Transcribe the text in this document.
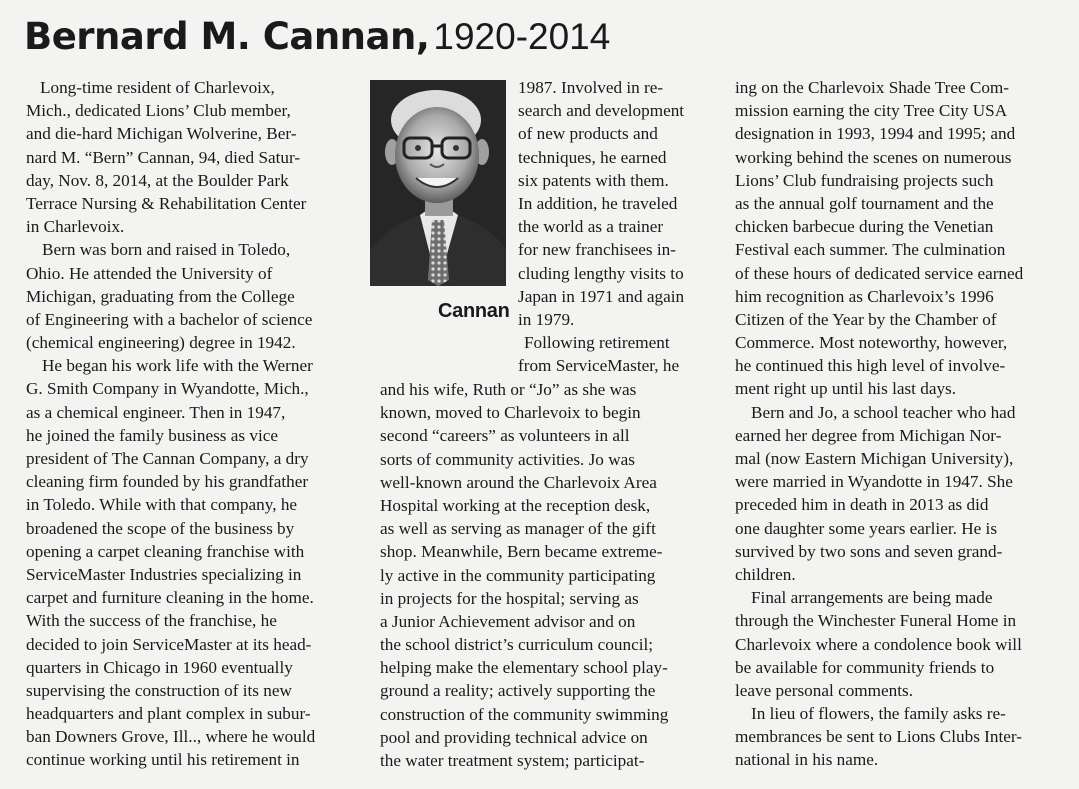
Bernard M. Cannan, 1920-2014
Long-time resident of Charlevoix,
Mich., dedicated Lions’ Club member,
and die-hard Michigan Wolverine, Ber-
nard M. “Bern” Cannan, 94, died Satur-
day, Nov. 8, 2014, at the Boulder Park
Terrace Nursing & Rehabilitation Center
in Charlevoix.
Bern was born and raised in Toledo,
Ohio. He attended the University of
Michigan, graduating from the College
of Engineering with a bachelor of science
(chemical engineering) degree in 1942.
He began his work life with the Werner
G. Smith Company in Wyandotte, Mich.,
as a chemical engineer. Then in 1947,
he joined the family business as vice
president of The Cannan Company, a dry
cleaning firm founded by his grandfather
in Toledo. While with that company, he
broadened the scope of the business by
opening a carpet cleaning franchise with
ServiceMaster Industries specializing in
carpet and furniture cleaning in the home.
With the success of the franchise, he
decided to join ServiceMaster at its head-
quarters in Chicago in 1960 eventually
supervising the construction of its new
headquarters and plant complex in subur-
ban Downers Grove, Ill.., where he would
continue working until his retirement in
Cannan
1987. Involved in re-
search and development
of new products and
techniques, he earned
six patents with them.
In addition, he traveled
the world as a trainer
for new franchisees in-
cluding lengthy visits to
Japan in 1971 and again
in 1979.
Following retirement
from ServiceMaster, he
and his wife, Ruth or “Jo” as she was
known, moved to Charlevoix to begin
second “careers” as volunteers in all
sorts of community activities. Jo was
well-known around the Charlevoix Area
Hospital working at the reception desk,
as well as serving as manager of the gift
shop. Meanwhile, Bern became extreme-
ly active in the community participating
in projects for the hospital; serving as
a Junior Achievement advisor and on
the school district’s curriculum council;
helping make the elementary school play-
ground a reality; actively supporting the
construction of the community swimming
pool and providing technical advice on
the water treatment system; participat-
ing on the Charlevoix Shade Tree Com-
mission earning the city Tree City USA
designation in 1993, 1994 and 1995; and
working behind the scenes on numerous
Lions’ Club fundraising projects such
as the annual golf tournament and the
chicken barbecue during the Venetian
Festival each summer. The culmination
of these hours of dedicated service earned
him recognition as Charlevoix’s 1996
Citizen of the Year by the Chamber of
Commerce. Most noteworthy, however,
he continued this high level of involve-
ment right up until his last days.
Bern and Jo, a school teacher who had
earned her degree from Michigan Nor-
mal (now Eastern Michigan University),
were married in Wyandotte in 1947. She
preceded him in death in 2013 as did
one daughter some years earlier. He is
survived by two sons and seven grand-
children.
Final arrangements are being made
through the Winchester Funeral Home in
Charlevoix where a condolence book will
be available for community friends to
leave personal comments.
In lieu of flowers, the family asks re-
membrances be sent to Lions Clubs Inter-
national in his name.
